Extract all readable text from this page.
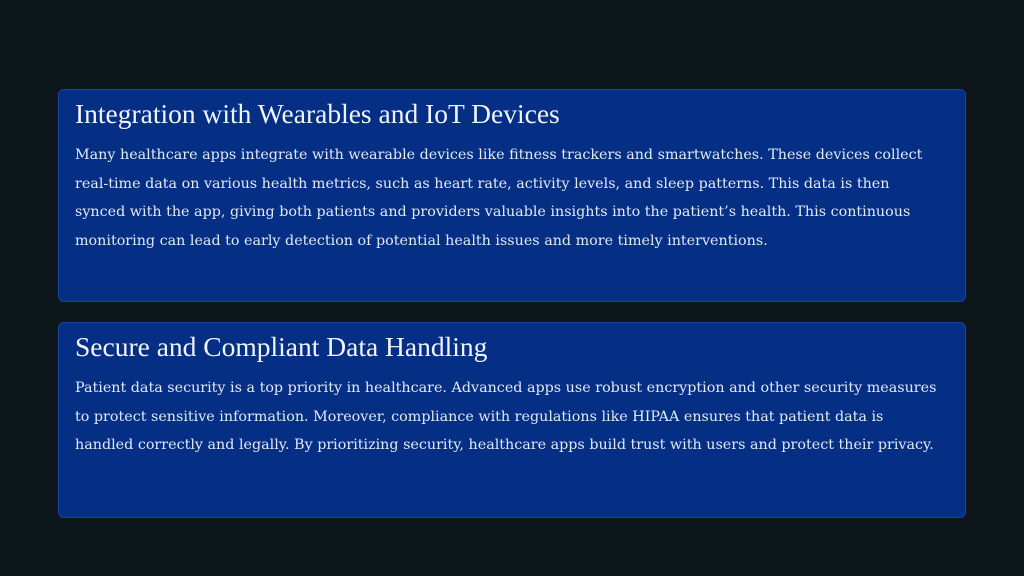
Integration with Wearables and IoT Devices

Many healthcare apps integrate with wearable devices like fitness trackers and smartwatches. These devices collect real-time data on various health metrics, such as heart rate, activity levels, and sleep patterns. This data is then synced with the app, giving both patients and providers valuable insights into the patient’s health. This continuous monitoring can lead to early detection of potential health issues and more timely interventions.

Secure and Compliant Data Handling

Patient data security is a top priority in healthcare. Advanced apps use robust encryption and other security measures to protect sensitive information. Moreover, compliance with regulations like HIPAA ensures that patient data is handled correctly and legally. By prioritizing security, healthcare apps build trust with users and protect their privacy.
